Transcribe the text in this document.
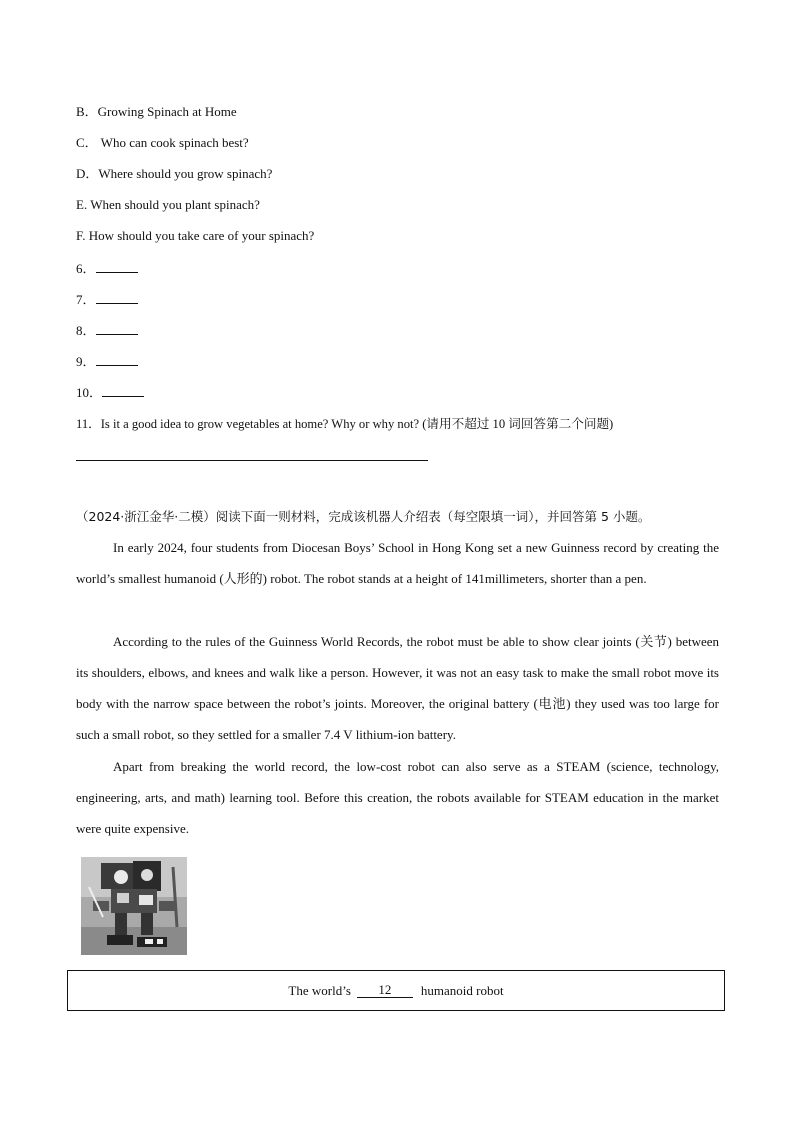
B．Growing Spinach at Home
C． Who can cook spinach best?
D．Where should you grow spinach?
E. When should you plant spinach?
F. How should you take care of your spinach?
6．
7．
8．
9．
10．
11．Is it a good idea to grow vegetables at home? Why or why not? (请用不超过 10 词回答第二个问题)
（2024·浙江金华·二模）阅读下面一则材料，完成该机器人介绍表（每空限填一词），并回答第 5 小题。

In early 2024, four students from Diocesan Boys’ School in Hong Kong set a new Guinness record by creating the world’s smallest humanoid (人形的) robot. The robot stands at a height of 141millimeters, shorter than a pen.

According to the rules of the Guinness World Records, the robot must be able to show clear joints (关节) between its shoulders, elbows, and knees and walk like a person. However, it was not an easy task to make the small robot move its body with the narrow space between the robot’s joints. Moreover, the original battery (电池) they used was too large for such a small robot, so they settled for a smaller 7.4 V lithium-ion battery.

Apart from breaking the world record, the low-cost robot can also serve as a STEAM (science, technology, engineering, arts, and math) learning tool. Before this creation, the robots available for STEAM education in the market were quite expensive.

The world’s	12	humanoid robot
